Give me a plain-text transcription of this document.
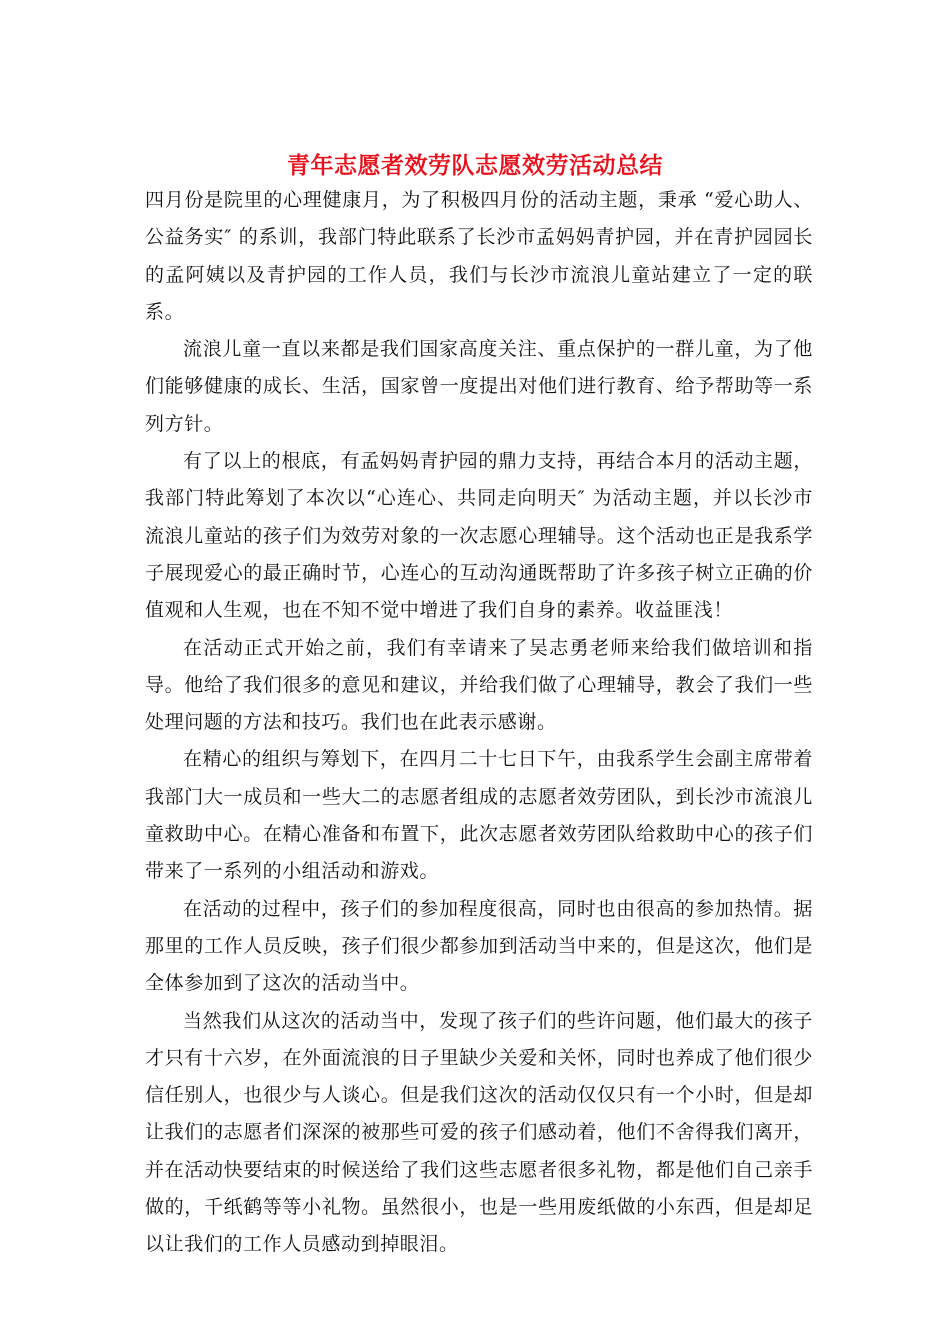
青年志愿者效劳队志愿效劳活动总结

四月份是院里的心理健康月，为了积极四月份的活动主题，秉承 “爱心助人、公益务实″ 的系训，我部门特此联系了长沙市孟妈妈青护园，并在青护园园长的孟阿姨以及青护园的工作人员，我们与长沙市流浪儿童站建立了一定的联系。

流浪儿童一直以来都是我们国家高度关注、重点保护的一群儿童，为了他们能够健康的成长、生活，国家曾一度提出对他们进行教育、给予帮助等一系列方针。

有了以上的根底，有孟妈妈青护园的鼎力支持，再结合本月的活动主题，我部门特此筹划了本次以“心连心、共同走向明天″ 为活动主题，并以长沙市流浪儿童站的孩子们为效劳对象的一次志愿心理辅导。这个活动也正是我系学子展现爱心的最正确时节，心连心的互动沟通既帮助了许多孩子树立正确的价值观和人生观，也在不知不觉中增进了我们自身的素养。收益匪浅！

在活动正式开始之前，我们有幸请来了吴志勇老师来给我们做培训和指导。他给了我们很多的意见和建议，并给我们做了心理辅导，教会了我们一些处理问题的方法和技巧。我们也在此表示感谢。

在精心的组织与筹划下，在四月二十七日下午，由我系学生会副主席带着我部门大一成员和一些大二的志愿者组成的志愿者效劳团队，到长沙市流浪儿童救助中心。在精心准备和布置下，此次志愿者效劳团队给救助中心的孩子们带来了一系列的小组活动和游戏。

在活动的过程中，孩子们的参加程度很高，同时也由很高的参加热情。据那里的工作人员反映，孩子们很少都参加到活动当中来的，但是这次，他们是全体参加到了这次的活动当中。

当然我们从这次的活动当中，发现了孩子们的些许问题，他们最大的孩子才只有十六岁，在外面流浪的日子里缺少关爱和关怀，同时也养成了他们很少信任别人，也很少与人谈心。但是我们这次的活动仅仅只有一个小时，但是却让我们的志愿者们深深的被那些可爱的孩子们感动着，他们不舍得我们离开，并在活动快要结束的时候送给了我们这些志愿者很多礼物，都是他们自己亲手做的，千纸鹤等等小礼物。虽然很小，也是一些用废纸做的小东西，但是却足以让我们的工作人员感动到掉眼泪。
